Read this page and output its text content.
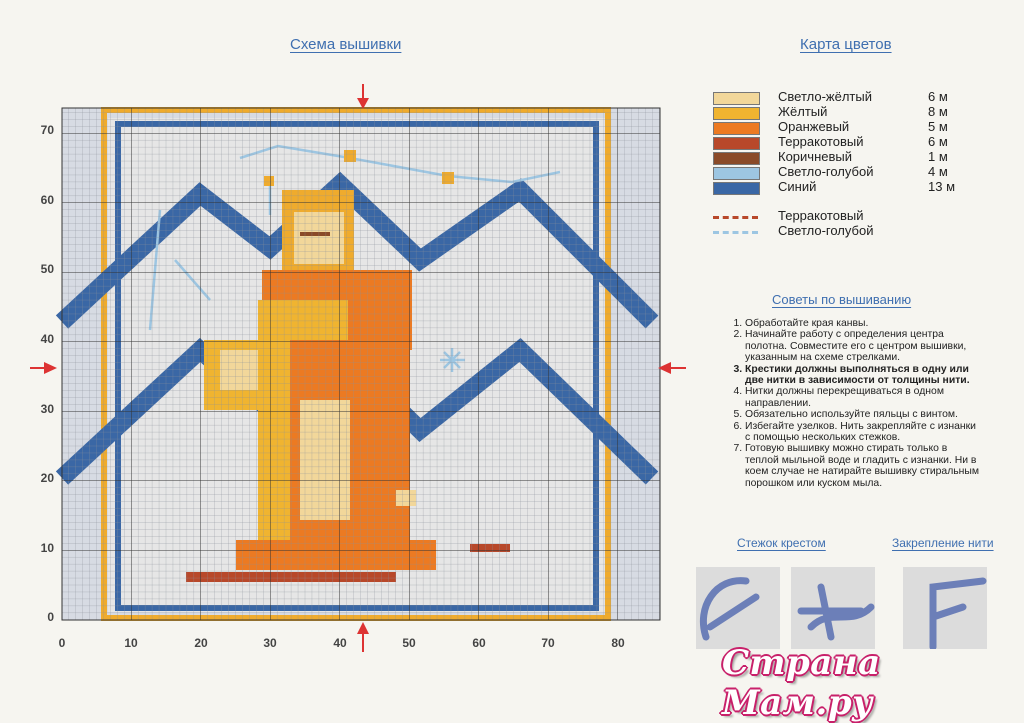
Схема вышивки
70
60
50
40
30
20
10
0
0	10	20	30	40	50	60	70	80
Карта цветов
Светло-жёлтый	6 м
Жёлтый	8 м
Оранжевый	5 м
Терракотовый	6 м
Коричневый	1 м
Светло-голубой	4 м
Синий	13 м
Терракотовый
Светло-голубой
Советы по вышиванию
1. Обработайте края канвы.
2. Начинайте работу с определения центра полотна. Совместите его с центром вышивки, указанным на схеме стрелками.
3. Крестики должны выполняться в одну или две нитки в зависимости от толщины нити.
4. Нитки должны перекрещиваться в одном направлении.
5. Обязательно используйте пяльцы с винтом.
6. Избегайте узелков. Нить закрепляйте с изнанки с помощью нескольких стежков.
7. Готовую вышивку можно стирать только в теплой мыльной воде и гладить с изнанки. Ни в коем случае не натирайте вышивку стиральным порошком или куском мыла.
Стежок крестом	Закрепление нити
Страна Мам.ру
